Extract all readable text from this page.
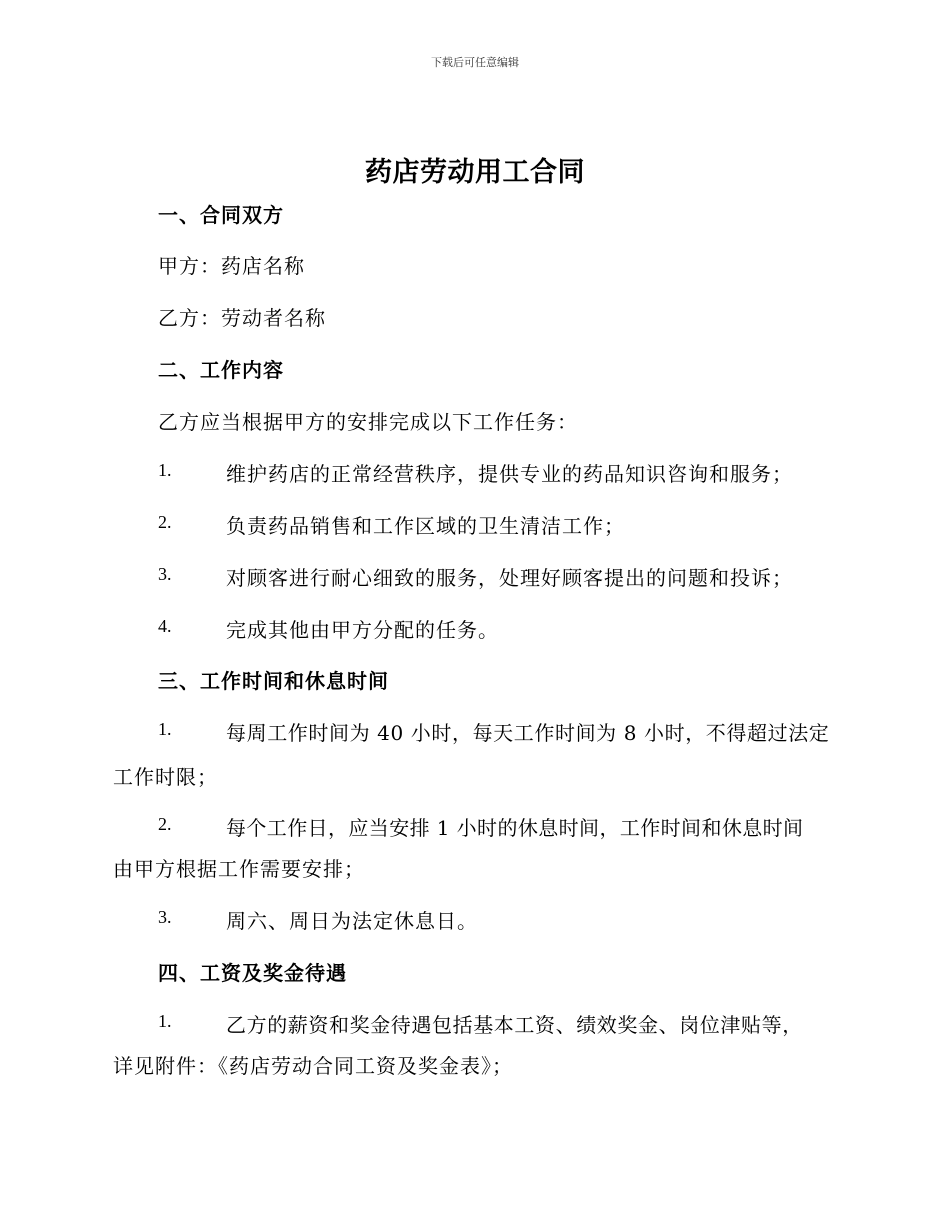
下载后可任意编辑
药店劳动用工合同
一、合同双方
甲方：药店名称
乙方：劳动者名称
二、工作内容
乙方应当根据甲方的安排完成以下工作任务：
1.	维护药店的正常经营秩序，提供专业的药品知识咨询和服务；
2.	负责药品销售和工作区域的卫生清洁工作；
3.	对顾客进行耐心细致的服务，处理好顾客提出的问题和投诉；
4.	完成其他由甲方分配的任务。
三、工作时间和休息时间
1.	每周工作时间为 40 小时，每天工作时间为 8 小时，不得超过法定
工作时限；
2.	每个工作日，应当安排 1 小时的休息时间，工作时间和休息时间
由甲方根据工作需要安排；
3.	周六、周日为法定休息日。
四、工资及奖金待遇
1.	乙方的薪资和奖金待遇包括基本工资、绩效奖金、岗位津贴等，
详见附件：《药店劳动合同工资及奖金表》；
